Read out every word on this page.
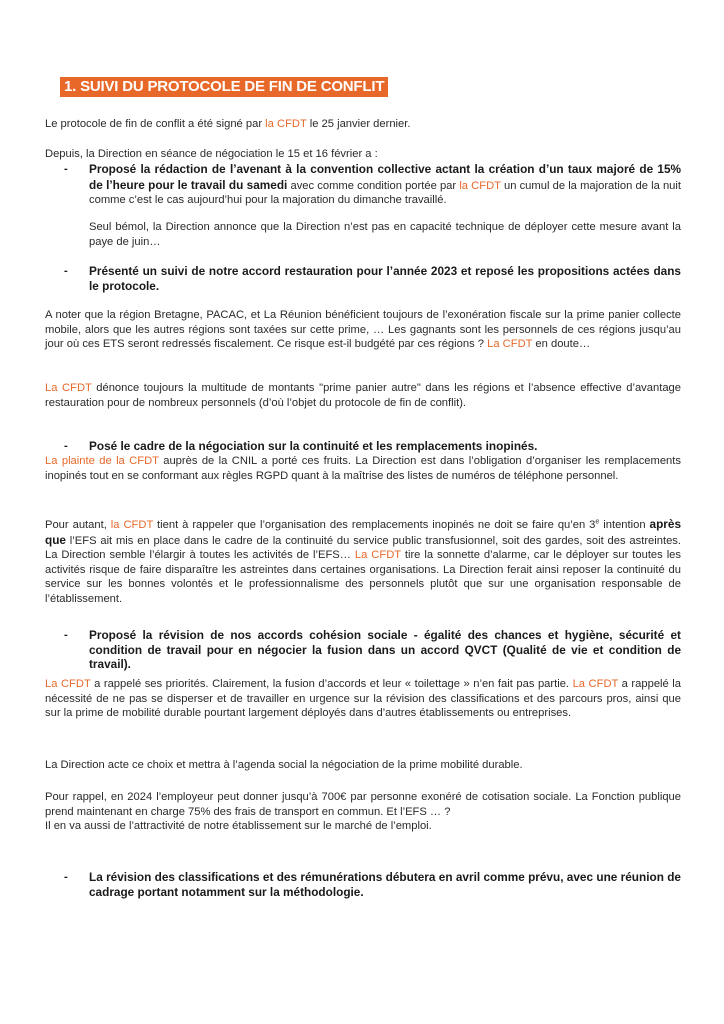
1. SUIVI DU PROTOCOLE DE FIN DE CONFLIT

Le protocole de fin de conflit a été signé par la CFDT le 25 janvier dernier.

Depuis, la Direction en séance de négociation le 15 et 16 février a :

- Proposé la rédaction de l’avenant à la convention collective actant la création d’un taux majoré de 15% de l’heure pour le travail du samedi avec comme condition portée par la CFDT un cumul de la majoration de la nuit comme c’est le cas aujourd’hui pour la majoration du dimanche travaillé.

Seul bémol, la Direction annonce que la Direction n’est pas en capacité technique de déployer cette mesure avant la paye de juin…

- Présenté un suivi de notre accord restauration pour l’année 2023 et reposé les propositions actées dans le protocole.

A noter que la région Bretagne, PACAC, et La Réunion bénéficient toujours de l’exonération fiscale sur la prime panier collecte mobile, alors que les autres régions sont taxées sur cette prime, … Les gagnants sont les personnels de ces régions jusqu’au jour où ces ETS seront redressés fiscalement. Ce risque est-il budgété par ces régions ? La CFDT en doute…

La CFDT dénonce toujours la multitude de montants "prime panier autre" dans les régions et l’absence effective d’avantage restauration pour de nombreux personnels (d’où l’objet du protocole de fin de conflit).

- Posé le cadre de la négociation sur la continuité et les remplacements inopinés.

La plainte de la CFDT auprès de la CNIL a porté ces fruits. La Direction est dans l’obligation d’organiser les remplacements inopinés tout en se conformant aux règles RGPD quant à la maîtrise des listes de numéros de téléphone personnel.

Pour autant, la CFDT tient à rappeler que l’organisation des remplacements inopinés ne doit se faire qu’en 3e intention après que l’EFS ait mis en place dans le cadre de la continuité du service public transfusionnel, soit des gardes, soit des astreintes. La Direction semble l’élargir à toutes les activités de l’EFS… La CFDT tire la sonnette d’alarme, car le déployer sur toutes les activités risque de faire disparaître les astreintes dans certaines organisations. La Direction ferait ainsi reposer la continuité du service sur les bonnes volontés et le professionnalisme des personnels plutôt que sur une organisation responsable de l’établissement.

- Proposé la révision de nos accords cohésion sociale - égalité des chances et hygiène, sécurité et condition de travail pour en négocier la fusion dans un accord QVCT (Qualité de vie et condition de travail).

La CFDT a rappelé ses priorités. Clairement, la fusion d’accords et leur « toilettage » n’en fait pas partie. La CFDT a rappelé la nécessité de ne pas se disperser et de travailler en urgence sur la révision des classifications et des parcours pros, ainsi que sur la prime de mobilité durable pourtant largement déployés dans d’autres établissements ou entreprises.

La Direction acte ce choix et mettra à l’agenda social la négociation de la prime mobilité durable.

Pour rappel, en 2024 l’employeur peut donner jusqu’à 700€ par personne exonéré de cotisation sociale. La Fonction publique prend maintenant en charge 75% des frais de transport en commun. Et l’EFS … ?
Il en va aussi de l’attractivité de notre établissement sur le marché de l’emploi.

- La révision des classifications et des rémunérations débutera en avril comme prévu, avec une réunion de cadrage portant notamment sur la méthodologie.
